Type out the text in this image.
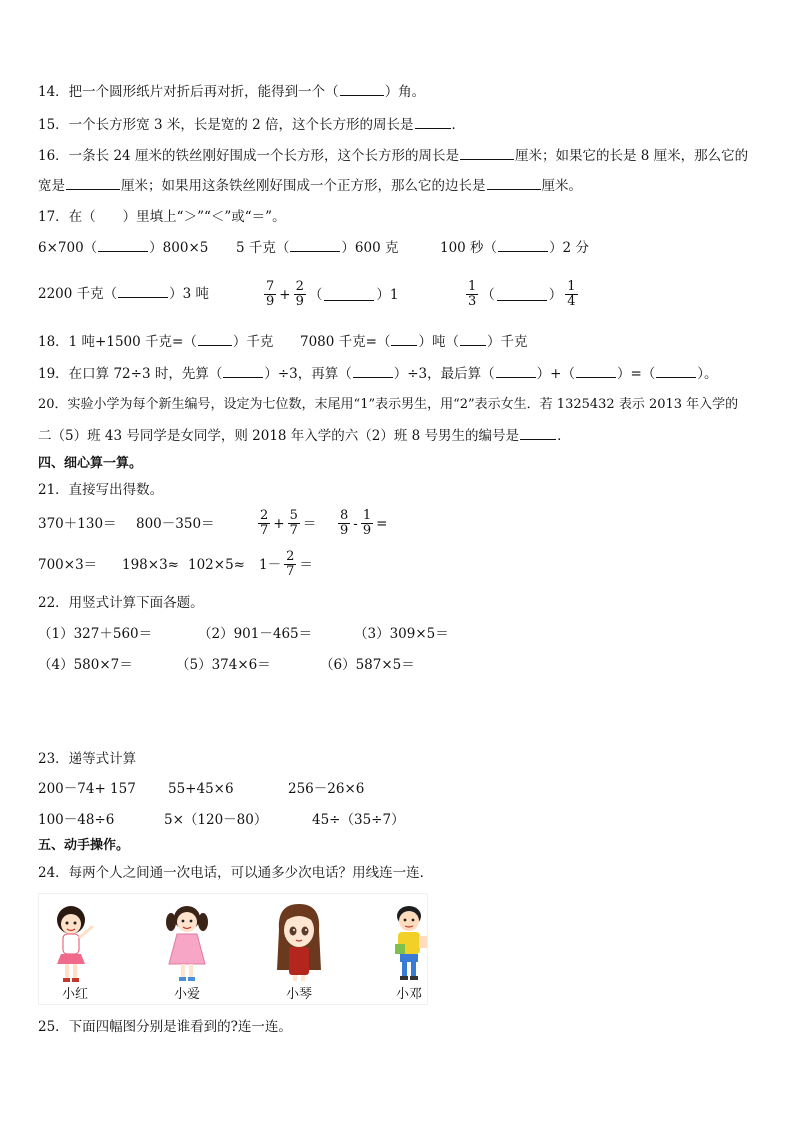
14．把一个圆形纸片对折后再对折，能得到一个（	）角。
15．一个长方形宽 3 米，长是宽的 2 倍，这个长方形的周长是	．
16．一条长 24 厘米的铁丝刚好围成一个长方形，这个长方形的周长是	厘米；如果它的长是 8 厘米，那么它的
宽是	厘米；如果用这条铁丝刚好围成一个正方形，那么它的边长是	厘米。
17．在（　　）里填上“＞”“＜”或“＝”。
6×700（	）800×5 5 千克（	）600 克	100 秒（	）2 分
2200 千克（	）3 吨	$\frac{7}{9} + \frac{2}{9}$ （	）1	$\frac{1}{3}$ （	） $\frac{1}{4}$
18．1 吨+1500 千克=（	）千克 7080 千克=（ ）吨（ ）千克
19．在口算 72÷3 时，先算（	）÷3，再算（	）÷3，最后算（	）+（	）=（	）。
20．实验小学为每个新生编号，设定为七位数，末尾用“1”表示男生，用“2”表示女生．若 1325432 表示 2013 年入学的
二（5）班 43 号同学是女同学，则 2018 年入学的六（2）班 8 号男生的编号是	．
四、细心算一算。
21．直接写出得数。
370＋130＝ 800－350＝	$\frac{2}{7} + \frac{5}{7} = \frac{8}{9} - \frac{1}{9}$ =
$700\times 3= 198\times 3\approx 102\times 5\approx 1- \frac{2}{7}$ ＝
22．用竖式计算下面各题。
（1）327＋560＝	（2）901－465＝	（3）309×5＝
（4）580×7＝	（5）374×6＝	（6）587×5＝
23．递等式计算
200－74+ 157 55+45×6	256－26×6
100－48÷6	5×（120－80）	45÷（35÷7）
五、动手操作。
24．每两个人之间通一次电话，可以通多少次电话？用线连一连．
小红	小爱	小琴	小邓
25．下面四幅图分别是谁看到的?连一连。
